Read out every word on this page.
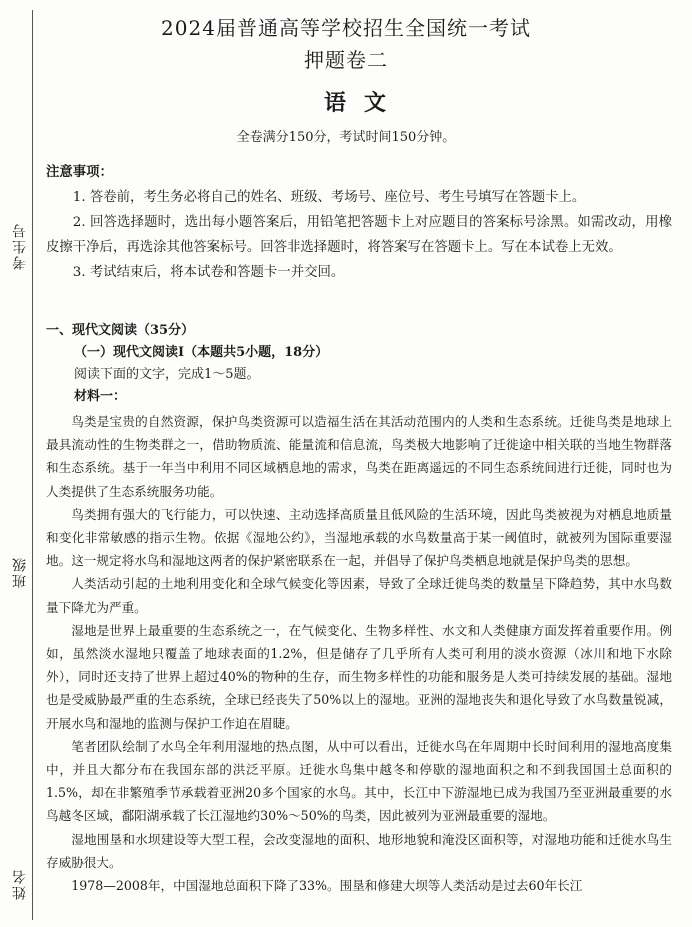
考生号
班级
姓名
2024届普通高等学校招生全国统一考试
押题卷二
语文
全卷满分150分，考试时间150分钟。
注意事项：
1. 答卷前，考生务必将自己的姓名、班级、考场号、座位号、考生号填写在答题卡上。
2. 回答选择题时，选出每小题答案后，用铅笔把答题卡上对应题目的答案标号涂黑。如需改动，用橡皮擦干净后，再选涂其他答案标号。回答非选择题时，将答案写在答题卡上。写在本试卷上无效。
3. 考试结束后，将本试卷和答题卡一并交回。
一、现代文阅读（35分）
（一）现代文阅读Ⅰ（本题共5小题，18分）
阅读下面的文字，完成1～5题。
材料一：
鸟类是宝贵的自然资源，保护鸟类资源可以造福生活在其活动范围内的人类和生态系统。迁徙鸟类是地球上最具流动性的生物类群之一，借助物质流、能量流和信息流，鸟类极大地影响了迁徙途中相关联的当地生物群落和生态系统。基于一年当中利用不同区域栖息地的需求，鸟类在距离遥远的不同生态系统间进行迁徙，同时也为人类提供了生态系统服务功能。
鸟类拥有强大的飞行能力，可以快速、主动选择高质量且低风险的生活环境，因此鸟类被视为对栖息地质量和变化非常敏感的指示生物。依据《湿地公约》，当湿地承载的水鸟数量高于某一阈值时，就被列为国际重要湿地。这一规定将水鸟和湿地这两者的保护紧密联系在一起，并倡导了保护鸟类栖息地就是保护鸟类的思想。
人类活动引起的土地利用变化和全球气候变化等因素，导致了全球迁徙鸟类的数量呈下降趋势，其中水鸟数量下降尤为严重。
湿地是世界上最重要的生态系统之一，在气候变化、生物多样性、水文和人类健康方面发挥着重要作用。例如，虽然淡水湿地只覆盖了地球表面的1.2%，但是储存了几乎所有人类可利用的淡水资源（冰川和地下水除外），同时还支持了世界上超过40%的物种的生存，而生物多样性的功能和服务是人类可持续发展的基础。湿地也是受威胁最严重的生态系统，全球已经丧失了50%以上的湿地。亚洲的湿地丧失和退化导致了水鸟数量锐减，开展水鸟和湿地的监测与保护工作迫在眉睫。
笔者团队绘制了水鸟全年利用湿地的热点图，从中可以看出，迁徙水鸟在年周期中长时间利用的湿地高度集中，并且大都分布在我国东部的洪泛平原。迁徙水鸟集中越冬和停歇的湿地面积之和不到我国国土总面积的1.5%，却在非繁殖季节承载着亚洲20多个国家的水鸟。其中，长江中下游湿地已成为我国乃至亚洲最重要的水鸟越冬区域，鄱阳湖承载了长江湿地约30%～50%的鸟类，因此被列为亚洲最重要的湿地。
湿地围垦和水坝建设等大型工程，会改变湿地的面积、地形地貌和淹没区面积等，对湿地功能和迁徙水鸟生存威胁很大。
1978—2008年，中国湿地总面积下降了33%。围垦和修建大坝等人类活动是过去60年长江
